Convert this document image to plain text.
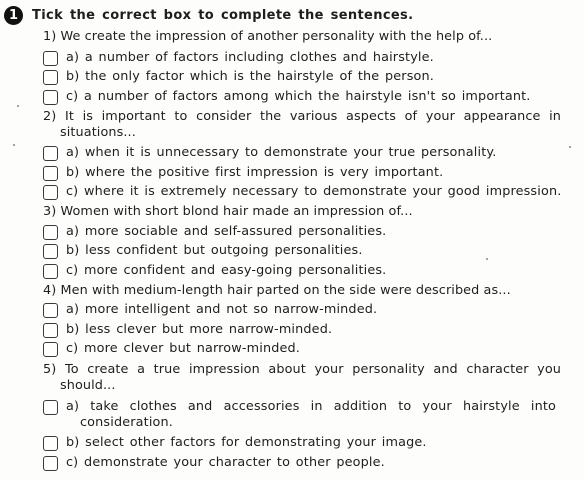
1	Tick the correct box to complete the sentences.
1) We create the impression of another personality with the help of...
a) a number of factors including clothes and hairstyle.
b) the only factor which is the hairstyle of the person.
c) a number of factors among which the hairstyle isn't so important.
2) It is important to consider the various aspects of your appearance in
situations...
a) when it is unnecessary to demonstrate your true personality.
b) where the positive first impression is very important.
c) where it is extremely necessary to demonstrate your good impression.
3) Women with short blond hair made an impression of...
a) more sociable and self-assured personalities.
b) less confident but outgoing personalities.
c) more confident and easy-going personalities.
4) Men with medium-length hair parted on the side were described as...
a) more intelligent and not so narrow-minded.
b) less clever but more narrow-minded.
c) more clever but narrow-minded.
5) To create a true impression about your personality and character you
should...
a) take clothes and accessories in addition to your hairstyle into
consideration.
b) select other factors for demonstrating your image.
c) demonstrate your character to other people.
